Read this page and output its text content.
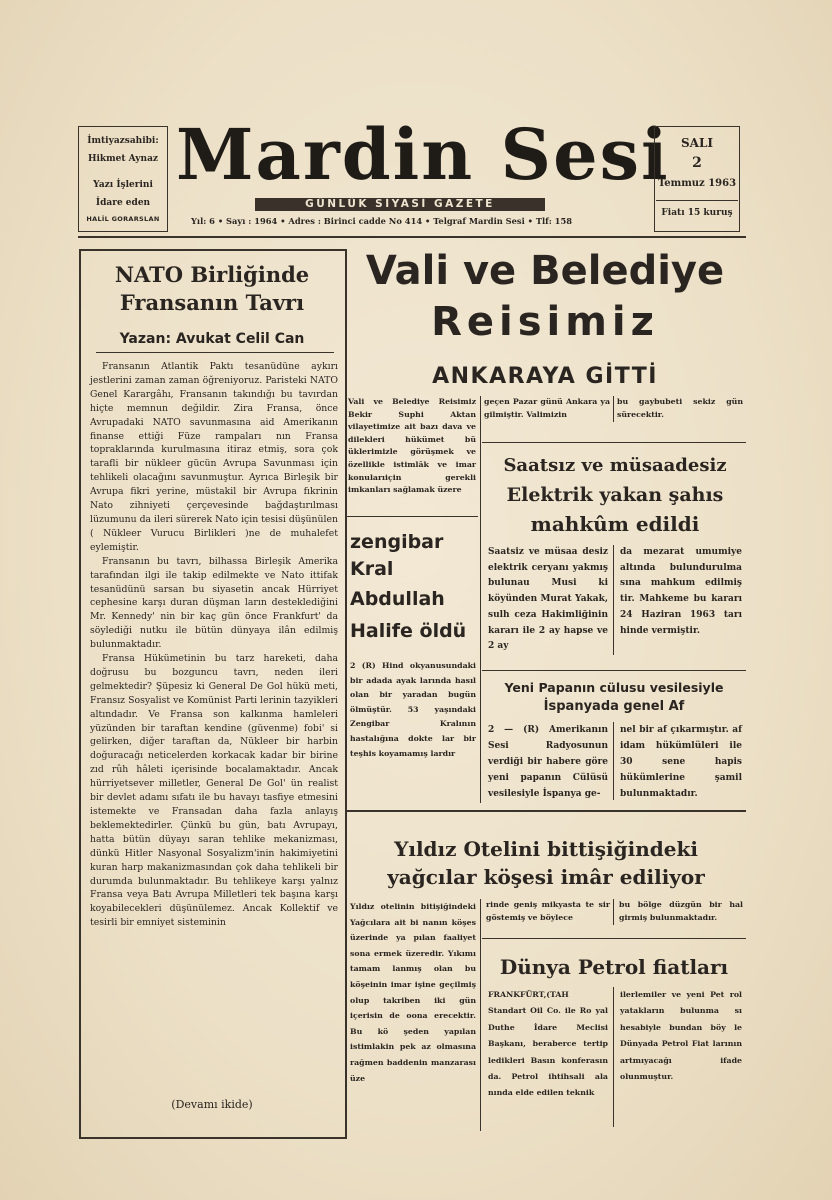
İmtiyazsahibi:
Hikmet Aynaz
Yazı İşlerini
İdare eden
HALİL GORARSLAN
Mardin Sesi
GÜNLÜK SİYASİ GAZETE
Yıl: 6 • Sayı : 1964 • Adres : Birinci cadde No 414 • Telgraf Mardin Sesi • Tlf: 158
SALI
2
Temmuz 1963
Fiatı 15 kuruş
NATO Birliğinde
Fransanın Tavrı
Yazan: Avukat Celil Can

Fransanın Atlantik Paktı tesanüdüne aykırı jestlerini zaman zaman öğreniyoruz. Paristeki NATO Genel Karargâhı, Fransanın takındığı bu tavırdan hiçte memnun değildir. Zira Fransa, önce Avrupadaki NATO savunmasına aid Amerikanın finanse ettiği Füze rampaları nın Fransa topraklarında kurulmasına itiraz etmiş, sora çok tarafli bir nükleer gücün Avrupa Savunması için tehlikeli olacağını savunmuştur. Ayrıca Birleşik bir Avrupa fikri yerine, müstakil bir Avrupa fıkrinin Nato zihniyeti çerçevesinde bağdaştırılması lüzumunu da ileri sürerek Nato için tesisi düşünülen ( Nükleer Vurucu Birlikleri )ne de muhalefet eylemiştir.

Fransanın bu tavrı, bilhassa Birleşik Amerika tarafından ilgi ile takip edilmekte ve Nato ittifak tesanüdünü sarsan bu siyasetin ancak Hürriyet cephesine karşı duran düşman ların desteklediğini Mr. Kennedy' nin bir kaç gün önce Frankfurt' da söylediği nutku ile bütün dünyaya ilân edilmiş bulunmaktadır.

Fransa Hükümetinin bu tarz hareketi, daha doğrusu bu bozguncu tavrı, neden ileri gelmektedir? Şüpesiz ki General De Gol hükü meti, Fransız Sosyalist ve Komünist Parti lerinin tazyikleri altındadır. Ve Fransa son kalkınma hamleleri yüzünden bir taraftan kendine (güvenme) fobi' si gelirken, diğer taraftan da, Nükleer bir harbin doğuracağı neticelerden korkacak kadar bir birine zıd rûh hâleti içerisinde bocalamaktadır. Ancak hürriyetsever milletler, General De Gol' ün realist bir devlet adamı sıfatı ile bu havayı tasfiye etmesini istemekte ve Fransadan daha fazla anlayış beklemektedirler. Çünkü bu gün, batı Avrupayı, hatta bütün düyayı saran tehlike mekanizması, dünkü Hitler Nasyonal Sosyalizm'inin hakimiyetini kuran harp makanizmasından çok daha tehlikeli bir durumda bulunmaktadır. Bu tehlikeye karşı yalnız Fransa veya Batı Avrupa Milletleri tek başına karşı koyabilecekleri düşünülemez. Ancak Kollektif ve tesirli bir emniyet sisteminin

(Devamı ikide)
Vali ve Belediye
Reisimiz
ANKARAYA GİTTİ
Vali ve Belediye Reisimiz Bekir Suphi Aktan vilayetimize ait bazı dava ve dilekleri hükümet bü üklerimizle görüşmek ve özellikle istimlâk ve imar konularıiçin gerekli imkanları sağlamak üzere
geçen Pazar günü Ankara ya gilmiştir. Valimizin
bu gaybubeti sekiz gün sürecektir.
zengibar
Kral
Abdullah
Halife öldü
2 (R) Hind okyanusundaki bir adada ayak larında hasıl olan bir yaradan bugün ölmüştür. 53 yaşındaki Zengibar Kralının hastalığına dokte lar bir teşhis koyamamış lardır
Saatsız ve müsaadesiz
Elektrik yakan şahıs
mahkûm edildi
Saatsiz ve müsaa desiz elektrik ceryanı yakmış bulunau Musi ki köyünden Murat Yakak, sulh ceza Hakimliğinin kararı ile 2 ay hapse ve 2 ay
da mezarat umumiye altında bulundurulma sına mahkum edilmiş tir. Mahkeme bu kararı 24 Haziran 1963 tarı hinde vermiştir.
Yeni Papanın cülusu vesilesiyle
İspanyada genel Af
2 — (R) Amerikanın Sesi Radyosunun verdiği bir habere göre yeni papanın Cülüsü vesilesiyle İspanya ge-
nel bir af çıkarmıştır. af idam hükümlüleri ile 30 sene hapis hükümlerine şamil bulunmaktadır.
Yıldız Otelini bittişiğindeki
yağcılar köşesi imâr ediliyor
Yıldız otelinin bitişiğindeki Yağcılara ait bi nanın köşes üzerinde ya pılan faaliyet sona ermek üzeredir. Yıkımı tamam lanmış olan bu köşeinin imar işine geçilmiş olup takriben iki gün içerisin de oona erecektir. Bu kö şeden yapılan istimlakin pek az olmasına rağmen baddenin manzarası üze
rinde geniş mikyasta te sir göstemiş ve böylece
bu bölge düzgün bir hal girmiş bulunmaktadır.
Dünya Petrol fiatları
FRANKFÜRT,(TAH Standart Oil Co. ile Ro yal Duthe İdare Meclisi Başkanı, beraberce tertip ledikleri Basın konferasın da. Petrol ihtihsali ala nında elde edilen teknik
ilerlemiler ve yeni Pet rol yatakların bulunma sı hesabiyle bundan böy le Dünyada Petrol Fiat larının artmıyacağı ifade olunmuştur.
